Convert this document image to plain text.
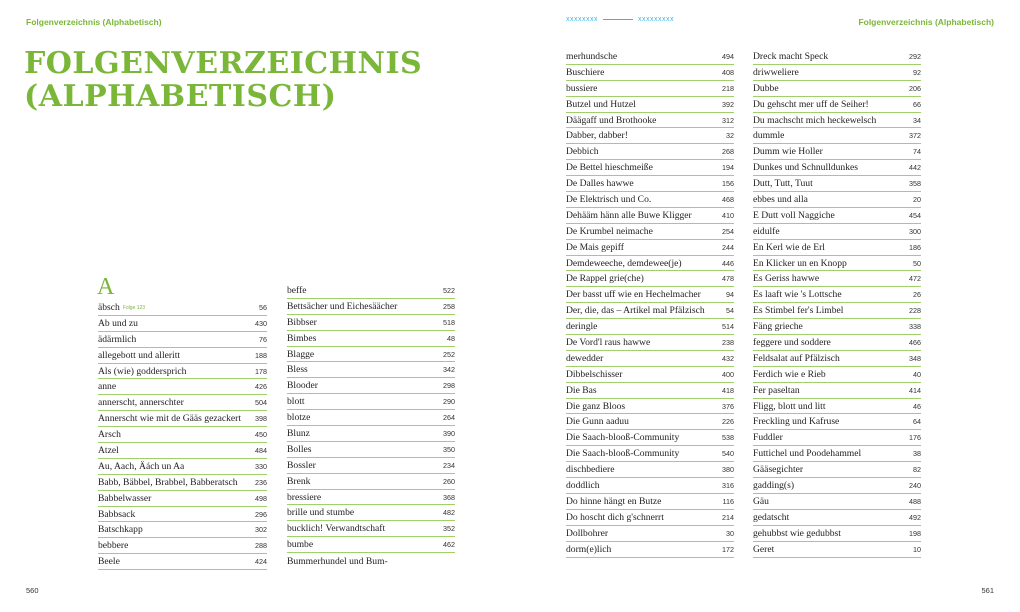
Folgenverzeichnis (Alphabetisch)	xxxxxxxx	xxxxxxxxx	Folgenverzeichnis (Alphabetisch)
FOLGENVERZEICHNIS
(ALPHABETISCH)
A
äbsch Folge 123	56
Ab und zu	430
ädärmlich	76
allegebott und alleritt	188
Als (wie) goddersprich	178
anne	426
annerscht, annerschter	504
Annerscht wie mit de Gääs gezackert	398
Arsch	450
Atzel	484
Au, Aach, Äách un Aa	330
Babb, Bäbbel, Brabbel, Babberatsch	236
Babbelwasser	498
Babbsack	296
Batschkapp	302
bebbere	288
Beele	424
beffe	522
Bettsächer und Eichesäächer	258
Bibbser	518
Bimbes	48
Blagge	252
Bless	342
Blooder	298
blott	290
blotze	264
Blunz	390
Bolles	350
Bossler	234
Brenk	260
bressiere	368
brille und stumbe	482
bucklich! Verwandtschaft	352
bumbe	462
Bummerhundel und Bum-
merhundsche	494
Buschiere	408
bussiere	218
Butzel und Hutzel	392
Däägaff und Brothooke	312
Dabber, dabber!	32
Debbich	268
De Bettel hieschmeiße	194
De Dalles hawwe	156
De Elektrisch und Co.	468
Dehääm hänn alle Buwe Kligger	410
De Krumbel neimache	254
De Mais gepiff	244
Demdeweeche, demdewee(je)	446
De Rappel grie(che)	478
Der basst uff wie en Hechelmacher	94
Der, die, das – Artikel mal Pfälzisch	54
deringle	514
De Vord'l raus hawwe	238
dewedder	432
Dibbelschisser	400
Die Bas	418
Die ganz Bloos	376
Die Gunn aaduu	226
Die Saach-blooß-Community	538
Die Saach-blooß-Community	540
dischbediere	380
doddlich	316
Do hinne hängt en Butze	116
Do hoscht dich g'schnerrt	214
Dollbohrer	30
dorm(e)lich	172
Dreck macht Speck	292
driwweliere	92
Dubbe	206
Du gehscht mer uff de Seiher!	66
Du machscht mich heckewelsch	34
dummle	372
Dumm wie Holler	74
Dunkes und Schnulldunkes	442
Dutt, Tutt, Tuut	358
ebbes und alla	20
E Dutt voll Naggiche	454
eidulfe	300
En Kerl wie de Erl	186
En Klicker un en Knopp	50
Es Geriss hawwe	472
Es laaft wie 's Lottsche	26
Es Stimbel fer's Limbel	228
Fäng grieche	338
feggere und soddere	466
Feldsalat auf Pfälzisch	348
Ferdich wie e Rieb	40
Fer paseltan	414
Fligg, blott und litt	46
Freckling und Kafruse	64
Fuddler	176
Futtichel und Poodehammel	38
Gääsegichter	82
gadding(s)	240
Gäu	488
gedatscht	492
gehubbst wie gedubbst	198
Geret	10
560	561
